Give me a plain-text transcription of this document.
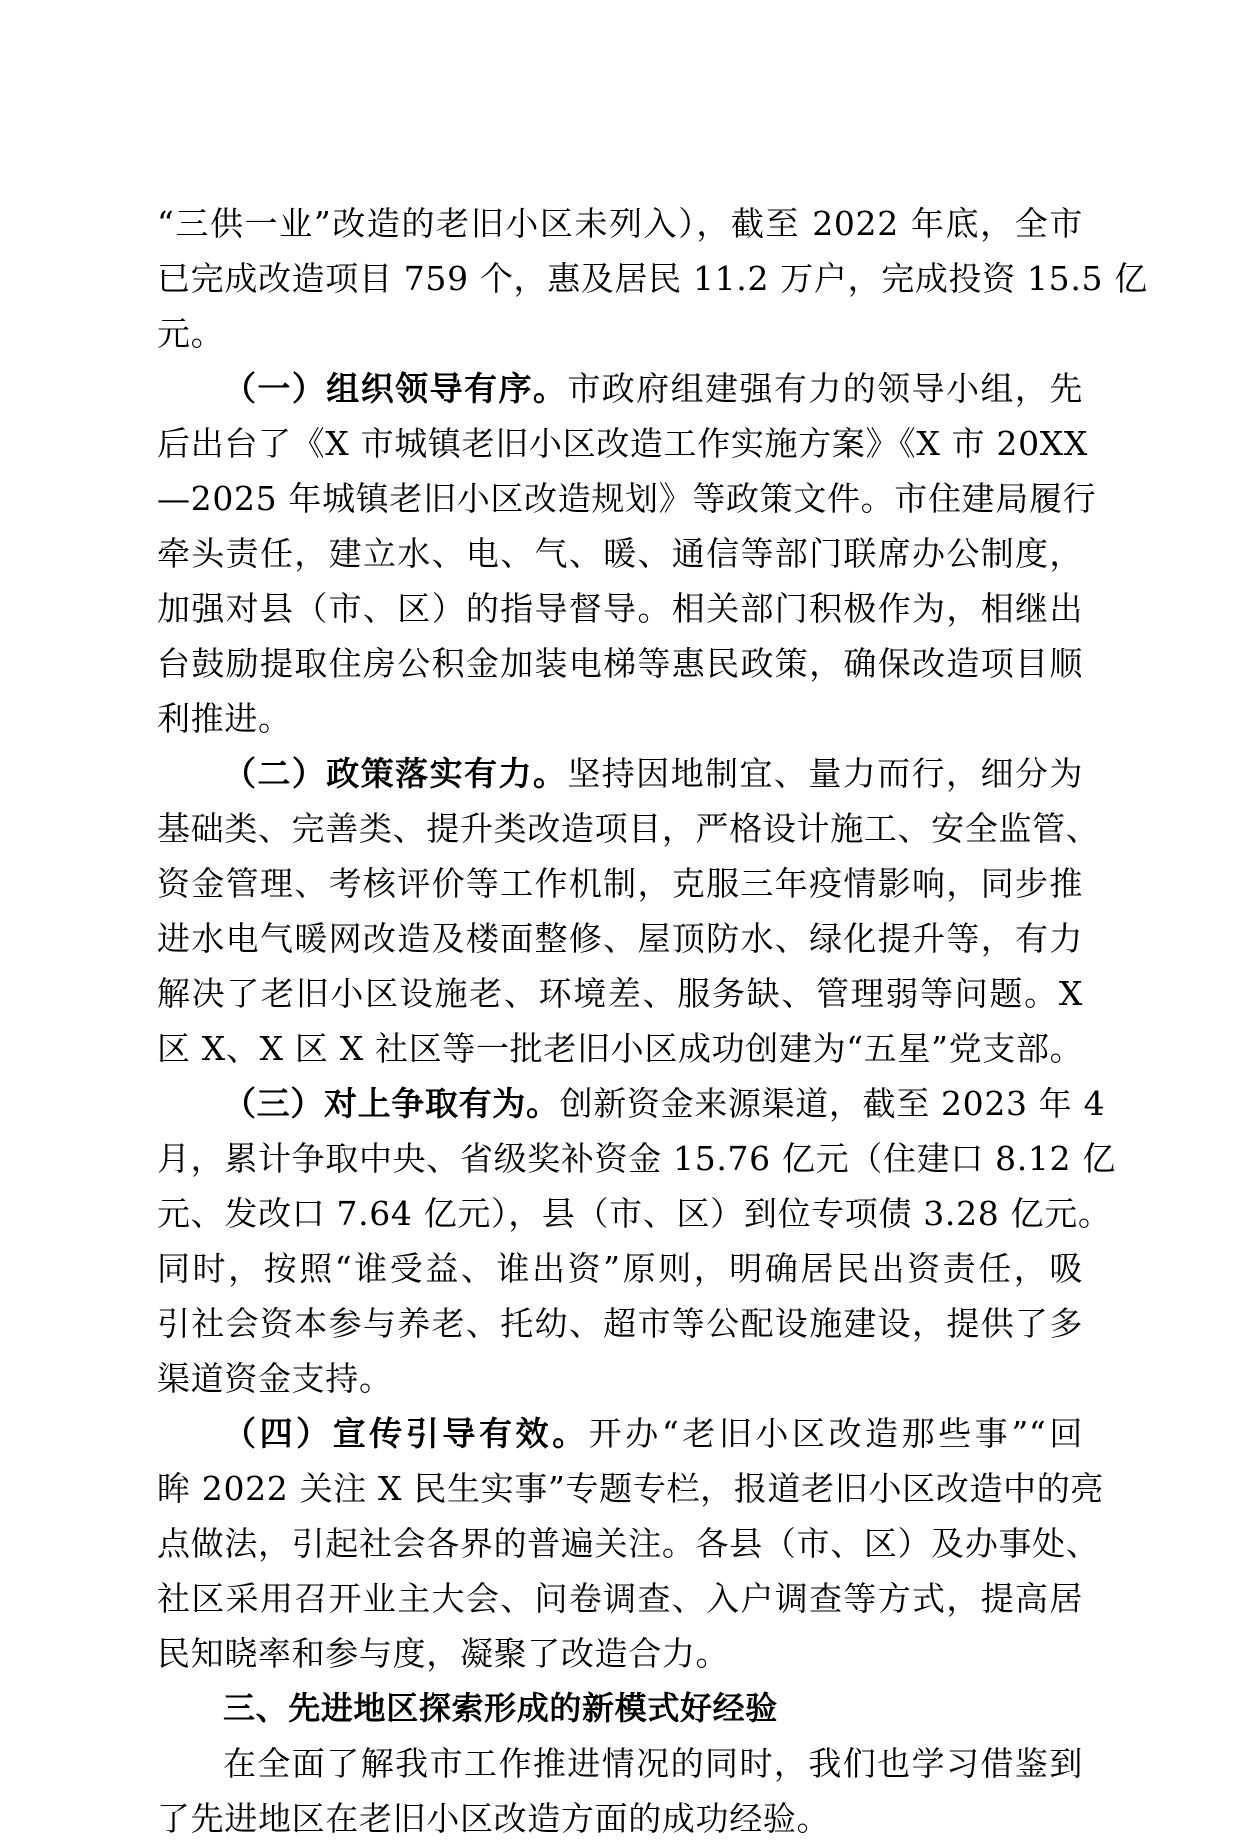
“三供一业”改造的老旧小区未列入），截至 2022 年底，全市
已完成改造项目 759 个，惠及居民 11.2 万户，完成投资 15.5 亿
元。
（一）组织领导有序。市政府组建强有力的领导小组，先
后出台了《X 市城镇老旧小区改造工作实施方案》《X 市 20XX
—2025 年城镇老旧小区改造规划》等政策文件。市住建局履行
牵头责任，建立水、电、气、暖、通信等部门联席办公制度，
加强对县（市、区）的指导督导。相关部门积极作为，相继出
台鼓励提取住房公积金加装电梯等惠民政策，确保改造项目顺
利推进。
（二）政策落实有力。坚持因地制宜、量力而行，细分为
基础类、完善类、提升类改造项目，严格设计施工、安全监管、
资金管理、考核评价等工作机制，克服三年疫情影响，同步推
进水电气暖网改造及楼面整修、屋顶防水、绿化提升等，有力
解决了老旧小区设施老、环境差、服务缺、管理弱等问题。X
区 X、X 区 X 社区等一批老旧小区成功创建为“五星”党支部。
（三）对上争取有为。创新资金来源渠道，截至 2023 年 4
月，累计争取中央、省级奖补资金 15.76 亿元（住建口 8.12 亿
元、发改口 7.64 亿元），县（市、区）到位专项债 3.28 亿元。
同时，按照“谁受益、谁出资”原则，明确居民出资责任，吸
引社会资本参与养老、托幼、超市等公配设施建设，提供了多
渠道资金支持。
（四）宣传引导有效。开办“老旧小区改造那些事”“回
眸 2022 关注 X 民生实事”专题专栏，报道老旧小区改造中的亮
点做法，引起社会各界的普遍关注。各县（市、区）及办事处、
社区采用召开业主大会、问卷调查、入户调查等方式，提高居
民知晓率和参与度，凝聚了改造合力。
三、先进地区探索形成的新模式好经验
在全面了解我市工作推进情况的同时，我们也学习借鉴到
了先进地区在老旧小区改造方面的成功经验。
